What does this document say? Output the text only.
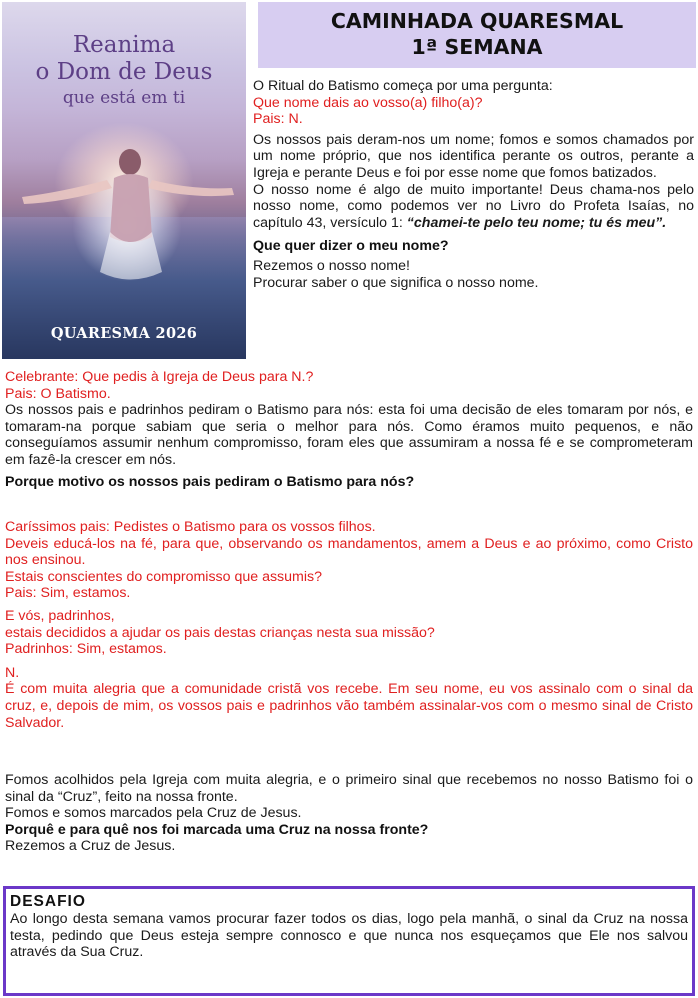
Reanima
o Dom de Deus
que está em ti
QUARESMA 2026
CAMINHADA QUARESMAL
1ª SEMANA
O Ritual do Batismo começa por uma pergunta:
Que nome dais ao vosso(a) filho(a)?
Pais: N.
Os nossos pais deram-nos um nome; fomos e somos chamados por um nome próprio, que nos identifica perante os outros, perante a Igreja e perante Deus e foi por esse nome que fomos batizados.
O nosso nome é algo de muito importante! Deus chama-nos pelo nosso nome, como podemos ver no Livro do Profeta Isaías, no capítulo 43, versículo 1: “chamei-te pelo teu nome; tu és meu”.
Que quer dizer o meu nome?
Rezemos o nosso nome!
Procurar saber o que significa o nosso nome.
Celebrante: Que pedis à Igreja de Deus para N.?
Pais: O Batismo.
Os nossos pais e padrinhos pediram o Batismo para nós: esta foi uma decisão de eles tomaram por nós, e tomaram-na porque sabiam que seria o melhor para nós. Como éramos muito pequenos, e não conseguíamos assumir nenhum compromisso, foram eles que assumiram a nossa fé e se comprometeram em fazê-la crescer em nós.
Porque motivo os nossos pais pediram o Batismo para nós?
Caríssimos pais: Pedistes o Batismo para os vossos filhos.
Deveis educá-los na fé, para que, observando os mandamentos, amem a Deus e ao próximo, como Cristo nos ensinou.
Estais conscientes do compromisso que assumis?
Pais: Sim, estamos.
E vós, padrinhos,
estais decididos a ajudar os pais destas crianças nesta sua missão?
Padrinhos: Sim, estamos.
N.
É com muita alegria que a comunidade cristã vos recebe. Em seu nome, eu vos assinalo com o sinal da cruz, e, depois de mim, os vossos pais e padrinhos vão também assinalar-vos com o mesmo sinal de Cristo Salvador.
Fomos acolhidos pela Igreja com muita alegria, e o primeiro sinal que recebemos no nosso Batismo foi o sinal da “Cruz”, feito na nossa fronte.
Fomos e somos marcados pela Cruz de Jesus.
Porquê e para quê nos foi marcada uma Cruz na nossa fronte?
Rezemos a Cruz de Jesus.
DESAFIO
Ao longo desta semana vamos procurar fazer todos os dias, logo pela manhã, o sinal da Cruz na nossa testa, pedindo que Deus esteja sempre connosco e que nunca nos esqueçamos que Ele nos salvou através da Sua Cruz.
